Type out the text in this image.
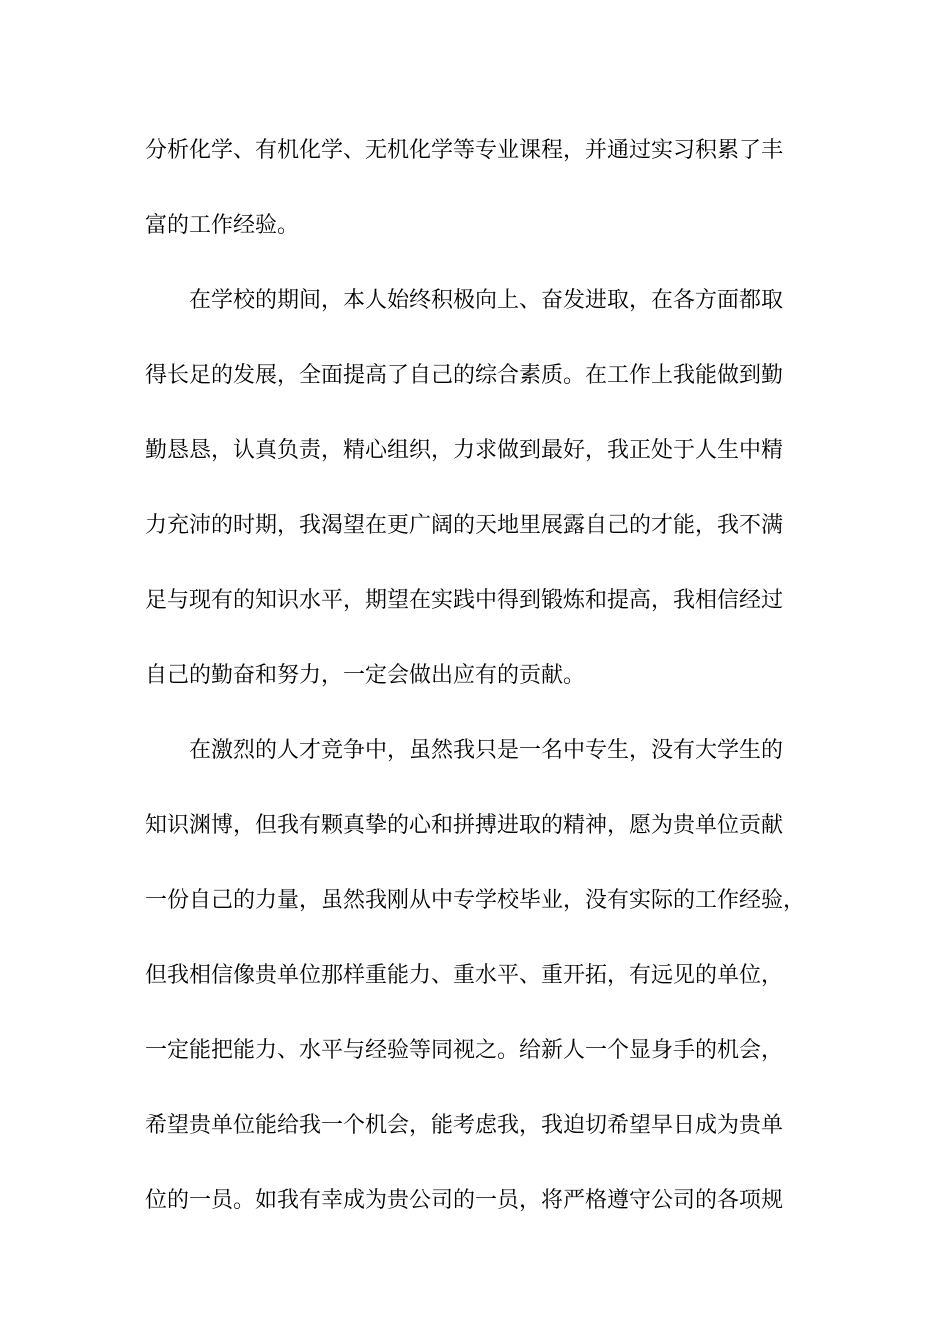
分析化学、有机化学、无机化学等专业课程，并通过实习积累了丰
富的工作经验。
在学校的期间，本人始终积极向上、奋发进取，在各方面都取
得长足的发展，全面提高了自己的综合素质。在工作上我能做到勤
勤恳恳，认真负责，精心组织，力求做到最好，我正处于人生中精
力充沛的时期，我渴望在更广阔的天地里展露自己的才能，我不满
足与现有的知识水平，期望在实践中得到锻炼和提高，我相信经过
自己的勤奋和努力，一定会做出应有的贡献。
在激烈的人才竞争中，虽然我只是一名中专生，没有大学生的
知识渊博，但我有颗真挚的心和拼搏进取的精神，愿为贵单位贡献
一份自己的力量，虽然我刚从中专学校毕业，没有实际的工作经验，
但我相信像贵单位那样重能力、重水平、重开拓，有远见的单位，
一定能把能力、水平与经验等同视之。给新人一个显身手的机会，
希望贵单位能给我一个机会，能考虑我，我迫切希望早日成为贵单
位的一员。如我有幸成为贵公司的一员，将严格遵守公司的各项规
